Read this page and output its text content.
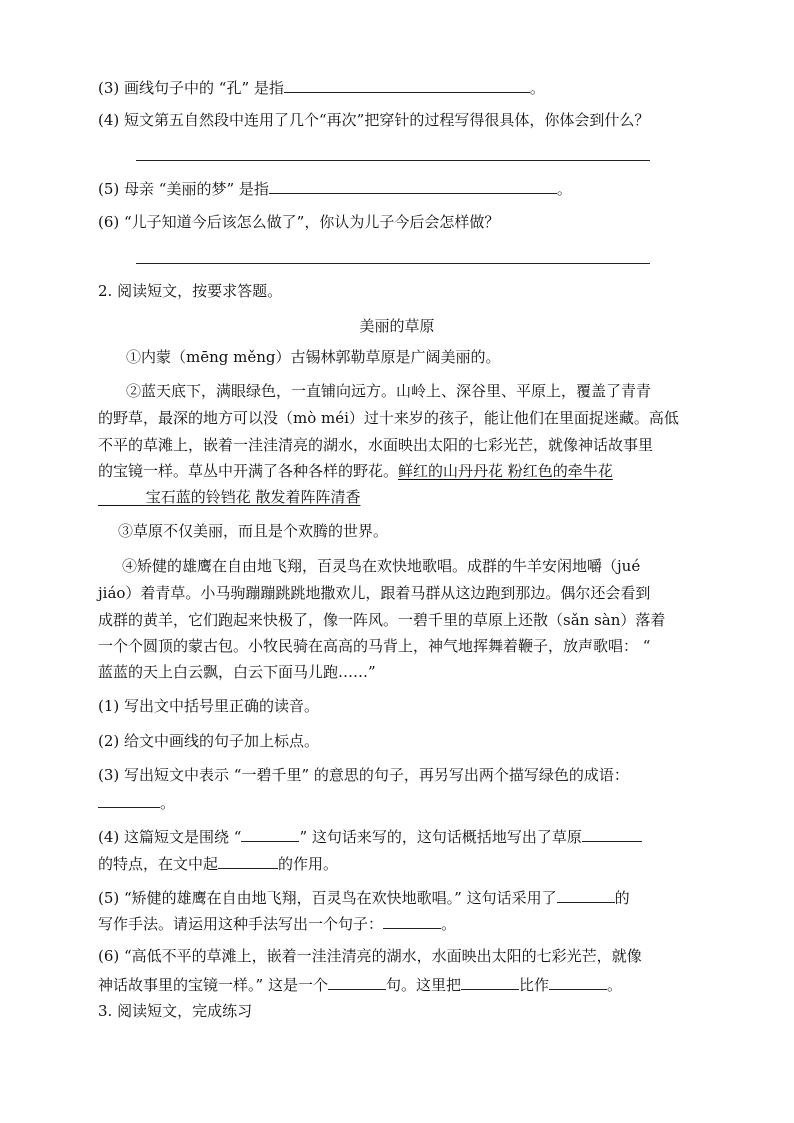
(3) 画线句子中的 “孔” 是指	。
(4) 短文第五自然段中连用了几个“再次”把穿针的过程写得很具体，你体会到什么？
(5) 母亲 “美丽的梦” 是指	。
(6) “儿子知道今后该怎么做了”，你认为儿子今后会怎样做？
2. 阅读短文，按要求答题。
美丽的草原
①内蒙（mēng měng）古锡林郭勒草原是广阔美丽的。
②蓝天底下，满眼绿色，一直铺向远方。山岭上、深谷里、平原上，覆盖了青青
的野草，最深的地方可以没（mò méi）过十来岁的孩子，能让他们在里面捉迷藏。高低
不平的草滩上，嵌着一洼洼清亮的湖水，水面映出太阳的七彩光芒，就像神话故事里
的宝镜一样。草丛中开满了各种各样的野花。鲜红的山丹丹花 粉红色的牵牛花
宝石蓝的铃铛花 散发着阵阵清香
③草原不仅美丽，而且是个欢腾的世界。
④矫健的雄鹰在自由地飞翔，百灵鸟在欢快地歌唱。成群的牛羊安闲地嚼（jué
jiáo）着青草。小马驹蹦蹦跳跳地撒欢儿，跟着马群从这边跑到那边。偶尔还会看到
成群的黄羊，它们跑起来快极了，像一阵风。一碧千里的草原上还散（sǎn sàn）落着
一个个圆顶的蒙古包。小牧民骑在高高的马背上，神气地挥舞着鞭子，放声歌唱： “
蓝蓝的天上白云飘，白云下面马儿跑……”
(1) 写出文中括号里正确的读音。
(2) 给文中画线的句子加上标点。
(3) 写出短文中表示 “一碧千里” 的意思的句子，再另写出两个描写绿色的成语：
。
(4) 这篇短文是围绕 “	” 这句话来写的，这句话概括地写出了草原
的特点，在文中起	的作用。
(5) “矫健的雄鹰在自由地飞翔，百灵鸟在欢快地歌唱。” 这句话采用了	的
写作手法。请运用这种手法写出一个句子：	。
(6) “高低不平的草滩上，嵌着一洼洼清亮的湖水，水面映出太阳的七彩光芒，就像
神话故事里的宝镜一样。” 这是一个	句。这里把	比作	。
3. 阅读短文，完成练习
